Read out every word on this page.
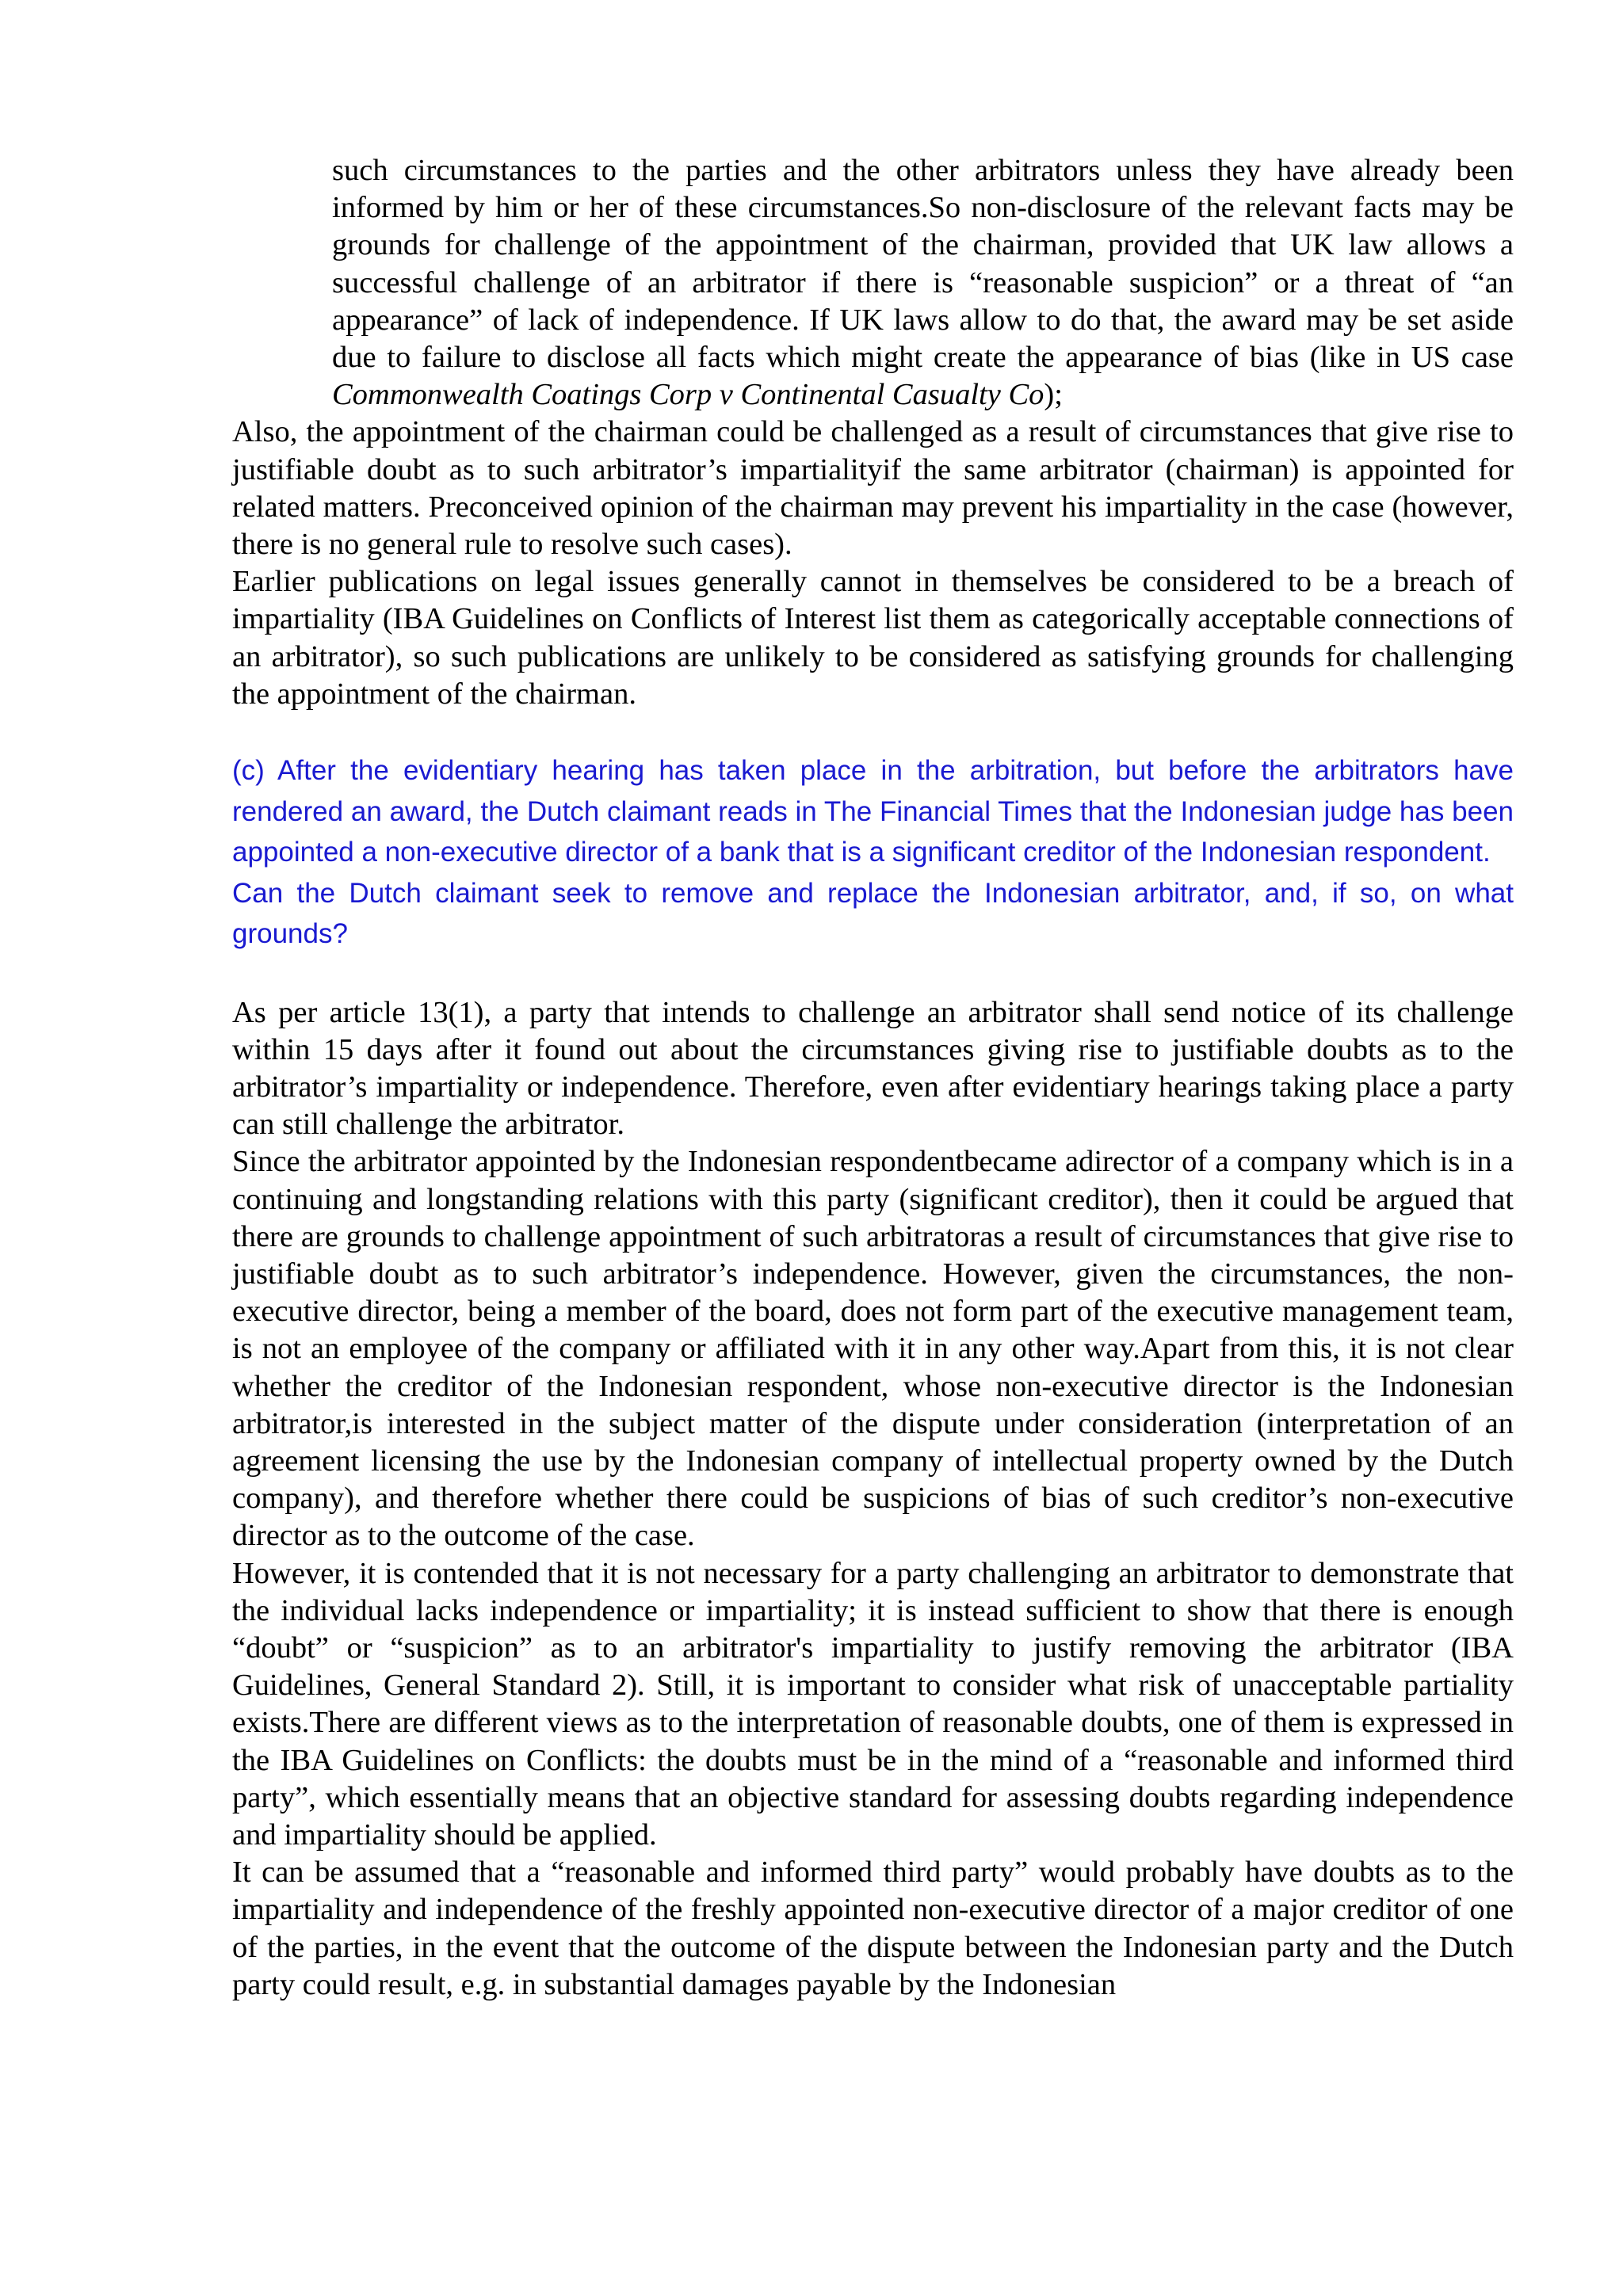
such circumstances to the parties and the other arbitrators unless they have already been informed by him or her of these circumstances.So non-disclosure of the relevant facts may be grounds for challenge of the appointment of the chairman, provided that UK law allows a successful challenge of an arbitrator if there is “reasonable suspicion” or a threat of “an appearance” of lack of independence. If UK laws allow to do that, the award may be set aside due to failure to disclose all facts which might create the appearance of bias (like in US case Commonwealth Coatings Corp v Continental Casualty Co);

Also, the appointment of the chairman could be challenged as a result of circumstances that give rise to justifiable doubt as to such arbitrator’s impartialityif the same arbitrator (chairman) is appointed for related matters. Preconceived opinion of the chairman may prevent his impartiality in the case (however, there is no general rule to resolve such cases).

Earlier publications on legal issues generally cannot in themselves be considered to be a breach of impartiality (IBA Guidelines on Conflicts of Interest list them as categorically acceptable connections of an arbitrator), so such publications are unlikely to be considered as satisfying grounds for challenging the appointment of the chairman.

(c) After the evidentiary hearing has taken place in the arbitration, but before the arbitrators have rendered an award, the Dutch claimant reads in The Financial Times that the Indonesian judge has been appointed a non-executive director of a bank that is a significant creditor of the Indonesian respondent.

Can the Dutch claimant seek to remove and replace the Indonesian arbitrator, and, if so, on what grounds?

As per article 13(1), a party that intends to challenge an arbitrator shall send notice of its challenge within 15 days after it found out about the circumstances giving rise to justifiable doubts as to the arbitrator’s impartiality or independence. Therefore, even after evidentiary hearings taking place a party can still challenge the arbitrator.

Since the arbitrator appointed by the Indonesian respondentbecame adirector of a company which is in a continuing and longstanding relations with this party (significant creditor), then it could be argued that there are grounds to challenge appointment of such arbitratoras a result of circumstances that give rise to justifiable doubt as to such arbitrator’s independence. However, given the circumstances, the non-executive director, being a member of the board, does not form part of the executive management team, is not an employee of the company or affiliated with it in any other way.Apart from this, it is not clear whether the creditor of the Indonesian respondent, whose non-executive director is the Indonesian arbitrator,is interested in the subject matter of the dispute under consideration (interpretation of an agreement licensing the use by the Indonesian company of intellectual property owned by the Dutch company), and therefore whether there could be suspicions of bias of such creditor’s non-executive director as to the outcome of the case.

However, it is contended that it is not necessary for a party challenging an arbitrator to demonstrate that the individual lacks independence or impartiality; it is instead sufficient to show that there is enough “doubt” or “suspicion” as to an arbitrator's impartiality to justify removing the arbitrator (IBA Guidelines, General Standard 2). Still, it is important to consider what risk of unacceptable partiality exists.There are different views as to the interpretation of reasonable doubts, one of them is expressed in the IBA Guidelines on Conflicts: the doubts must be in the mind of a “reasonable and informed third party”, which essentially means that an objective standard for assessing doubts regarding independence and impartiality should be applied.

It can be assumed that a “reasonable and informed third party” would probably have doubts as to the impartiality and independence of the freshly appointed non-executive director of a major creditor of one of the parties, in the event that the outcome of the dispute between the Indonesian party and the Dutch party could result, e.g. in substantial damages payable by the Indonesian
